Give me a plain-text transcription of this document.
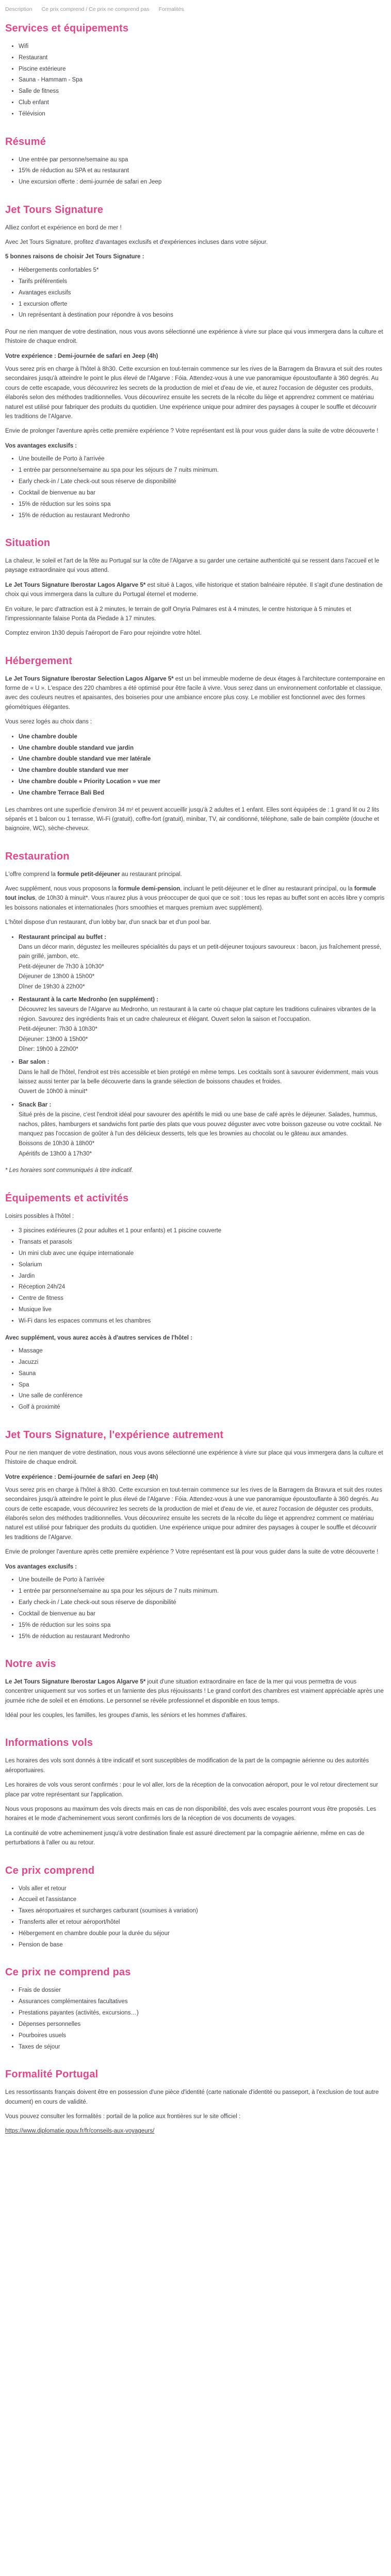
Description Ce prix comprend / Ce prix ne comprend pas Formalités
Services et équipements
• Wifi
• Restaurant
• Piscine extérieure
• Sauna - Hammam - Spa
• Salle de fitness
• Club enfant
• Télévision
Résumé
• Une entrée par personne/semaine au spa
• 15% de réduction au SPA et au restaurant
• Une excursion offerte : demi-journée de safari en Jeep
Jet Tours Signature

Alliez confort et expérience en bord de mer !

Avec Jet Tours Signature, profitez d'avantages exclusifs et d'expériences incluses dans votre séjour.

5 bonnes raisons de choisir Jet Tours Signature :

• Hébergements confortables 5*
• Tarifs préférentiels
• Avantages exclusifs
• 1 excursion offerte
• Un représentant à destination pour répondre à vos besoins

Pour ne rien manquer de votre destination, nous vous avons sélectionné une expérience à vivre sur place qui vous immergera dans la culture et l'histoire de chaque endroit.

Votre expérience : Demi-journée de safari en Jeep (4h)

Vous serez pris en charge à l'hôtel à 8h30. Cette excursion en tout-terrain commence sur les rives de la Barragem da Bravura et suit des routes secondaires jusqu'à atteindre le point le plus élevé de l'Algarve : Fóia. Attendez-vous à une vue panoramique époustouflante à 360 degrés. Au cours de cette escapade, vous découvrirez les secrets de la production de miel et d'eau de vie, et aurez l'occasion de déguster ces produits, élaborés selon des méthodes traditionnelles. Vous découvrirez ensuite les secrets de la récolte du liège et apprendrez comment ce matériau naturel est utilisé pour fabriquer des produits du quotidien. Une expérience unique pour admirer des paysages à couper le souffle et découvrir les traditions de l'Algarve.

Envie de prolonger l'aventure après cette première expérience ? Votre représentant est là pour vous guider dans la suite de votre découverte !

Vos avantages exclusifs :

• Une bouteille de Porto à l'arrivée
• 1 entrée par personne/semaine au spa pour les séjours de 7 nuits minimum.
• Early check-in / Late check-out sous réserve de disponibilité
• Cocktail de bienvenue au bar
• 15% de réduction sur les soins spa
• 15% de réduction au restaurant Medronho
Situation

La chaleur, le soleil et l'art de la fête au Portugal sur la côte de l'Algarve a su garder une certaine authenticité qui se ressent dans l'accueil et le paysage extraordinaire qui vous attend.

Le Jet Tours Signature Iberostar Lagos Algarve 5* est situé à Lagos, ville historique et station balnéaire réputée. Il s'agit d'une destination de choix qui vous immergera dans la culture du Portugal éternel et moderne.

En voiture, le parc d'attraction est à 2 minutes, le terrain de golf Onyria Palmares est à 4 minutes, le centre historique à 5 minutes et l'impressionnante falaise Ponta da Piedade à 17 minutes.

Comptez environ 1h30 depuis l'aéroport de Faro pour rejoindre votre hôtel.

Hébergement

Le Jet Tours Signature Iberostar Selection Lagos Algarve 5* est un bel immeuble moderne de deux étages à l'architecture contemporaine en forme de « U ». L'espace des 220 chambres a été optimisé pour être facile à vivre. Vous serez dans un environnement confortable et classique, avec des couleurs neutres et apaisantes, des boiseries pour une ambiance encore plus cosy. Le mobilier est fonctionnel avec des formes géométriques élégantes.

Vous serez logés au choix dans :

• Une chambre double
• Une chambre double standard vue jardin
• Une chambre double standard vue mer latérale
• Une chambre double standard vue mer
• Une chambre double « Priority Location » vue mer
• Une chambre Terrace Bali Bed

Les chambres ont une superficie d'environ 34 m² et peuvent accueillir jusqu'à 2 adultes et 1 enfant. Elles sont équipées de : 1 grand lit ou 2 lits séparés et 1 balcon ou 1 terrasse, Wi-Fi (gratuit), coffre-fort (gratuit), minibar, TV, air conditionné, téléphone, salle de bain complète (douche et baignoire, WC), sèche-cheveux.

Restauration

L'offre comprend la formule petit-déjeuner au restaurant principal.

Avec supplément, nous vous proposons la formule demi-pension, incluant le petit-déjeuner et le dîner au restaurant principal, ou la formule tout inclus, de 10h30 à minuit*. Vous n'aurez plus à vous préoccuper de quoi que ce soit : tous les repas au buffet sont en accès libre y compris les boissons nationales et internationales (hors smoothies et marques premium avec supplément).

L'hôtel dispose d'un restaurant, d'un lobby bar, d'un snack bar et d'un pool bar.

• Restaurant principal au buffet :
Dans un décor marin, dégustez les meilleures spécialités du pays et un petit-déjeuner toujours savoureux : bacon, jus fraîchement pressé, pain grillé, jambon, etc.
Petit-déjeuner de 7h30 à 10h30*
Déjeuner de 13h00 à 15h00*
Dîner de 19h30 à 22h00*
• Restaurant à la carte Medronho (en supplément) :
Découvrez les saveurs de l'Algarve au Medronho, un restaurant à la carte où chaque plat capture les traditions culinaires vibrantes de la région. Savourez des ingrédients frais et un cadre chaleureux et élégant. Ouvert selon la saison et l'occupation.
Petit-déjeuner: 7h30 à 10h30*
Déjeuner: 13h00 à 15h00*
Dîner: 19h00 à 22h00*
• Bar salon :
Dans le hall de l'hôtel, l'endroit est très accessible et bien protégé en même temps. Les cocktails sont à savourer évidemment, mais vous laissez aussi tenter par la belle découverte dans la grande sélection de boissons chaudes et froides.
Ouvert de 10h00 à minuit*
• Snack Bar :
Situé près de la piscine, c'est l'endroit idéal pour savourer des apéritifs le midi ou une base de café après le déjeuner. Salades, hummus, nachos, pâtes, hamburgers et sandwichs font partie des plats que vous pouvez déguster avec votre boisson gazeuse ou votre cocktail. Ne manquez pas l'occasion de goûter à l'un des délicieux desserts, tels que les brownies au chocolat ou le gâteau aux amandes.
Boissons de 10h30 à 18h00*
Apéritifs de 13h00 à 17h30*

* Les horaires sont communiqués à titre indicatif.

Équipements et activités

Loisirs possibles à l'hôtel :

• 3 piscines extérieures (2 pour adultes et 1 pour enfants) et 1 piscine couverte
• Transats et parasols
• Un mini club avec une équipe internationale
• Solarium
• Jardin
• Réception 24h/24
• Centre de fitness
• Musique live
• Wi-Fi dans les espaces communs et les chambres

Avec supplément, vous aurez accès à d'autres services de l'hôtel :

• Massage
• Jacuzzi
• Sauna
• Spa
• Une salle de conférence
• Golf à proximité
Jet Tours Signature, l'expérience autrement

Pour ne rien manquer de votre destination, nous vous avons sélectionné une expérience à vivre sur place qui vous immergera dans la culture et l'histoire de chaque endroit.

Votre expérience : Demi-journée de safari en Jeep (4h)

Vous serez pris en charge à l'hôtel à 8h30. Cette excursion en tout-terrain commence sur les rives de la Barragem da Bravura et suit des routes secondaires jusqu'à atteindre le point le plus élevé de l'Algarve : Fóia. Attendez-vous à une vue panoramique époustouflante à 360 degrés. Au cours de cette escapade, vous découvrirez les secrets de la production de miel et d'eau de vie, et aurez l'occasion de déguster ces produits, élaborés selon des méthodes traditionnelles. Vous découvrirez ensuite les secrets de la récolte du liège et apprendrez comment ce matériau naturel est utilisé pour fabriquer des produits du quotidien. Une expérience unique pour admirer des paysages à couper le souffle et découvrir les traditions de l'Algarve.

Envie de prolonger l'aventure après cette première expérience ? Votre représentant est là pour vous guider dans la suite de votre découverte !

Vos avantages exclusifs :

• Une bouteille de Porto à l'arrivée
• 1 entrée par personne/semaine au spa pour les séjours de 7 nuits minimum.
• Early check-in / Late check-out sous réserve de disponibilité
• Cocktail de bienvenue au bar
• 15% de réduction sur les soins spa
• 15% de réduction au restaurant Medronho
Notre avis

Le Jet Tours Signature Iberostar Lagos Algarve 5* jouit d'une situation extraordinaire en face de la mer qui vous permettra de vous concentrer uniquement sur vos sorties et un farniente des plus réjouissants ! Le grand confort des chambres est vraiment appréciable après une journée riche de soleil et en émotions. Le personnel se révèle professionnel et disponible en tous temps.

Idéal pour les couples, les familles, les groupes d'amis, les séniors et les hommes d'affaires.

Informations vols

Les horaires des vols sont donnés à titre indicatif et sont susceptibles de modification de la part de la compagnie aérienne ou des autorités aéroportuaires.

Les horaires de vols vous seront confirmés : pour le vol aller, lors de la réception de la convocation aéroport, pour le vol retour directement sur place par votre représentant sur l'application.

Nous vous proposons au maximum des vols directs mais en cas de non disponibilité, des vols avec escales pourront vous être proposés. Les horaires et le mode d'acheminement vous seront confirmés lors de la réception de vos documents de voyages.

La continuité de votre acheminement jusqu'à votre destination finale est assuré directement par la compagnie aérienne, même en cas de perturbations à l'aller ou au retour.

Ce prix comprend
• Vols aller et retour
• Accueil et l'assistance
• Taxes aéroportuaires et surcharges carburant (soumises à variation)
• Transferts aller et retour aéroport/hôtel
• Hébergement en chambre double pour la durée du séjour
• Pension de base
Ce prix ne comprend pas
• Frais de dossier
• Assurances complémentaires facultatives
• Prestations payantes (activités, excursions…)
• Dépenses personnelles
• Pourboires usuels
• Taxes de séjour
Formalité Portugal

Les ressortissants français doivent être en possession d'une pièce d'identité (carte nationale d'identité ou passeport, à l'exclusion de tout autre document) en cours de validité.

Vous pouvez consulter les formalités : portail de la police aux frontières sur le site officiel :

https://www.diplomatie.gouv.fr/fr/conseils-aux-voyageurs/
